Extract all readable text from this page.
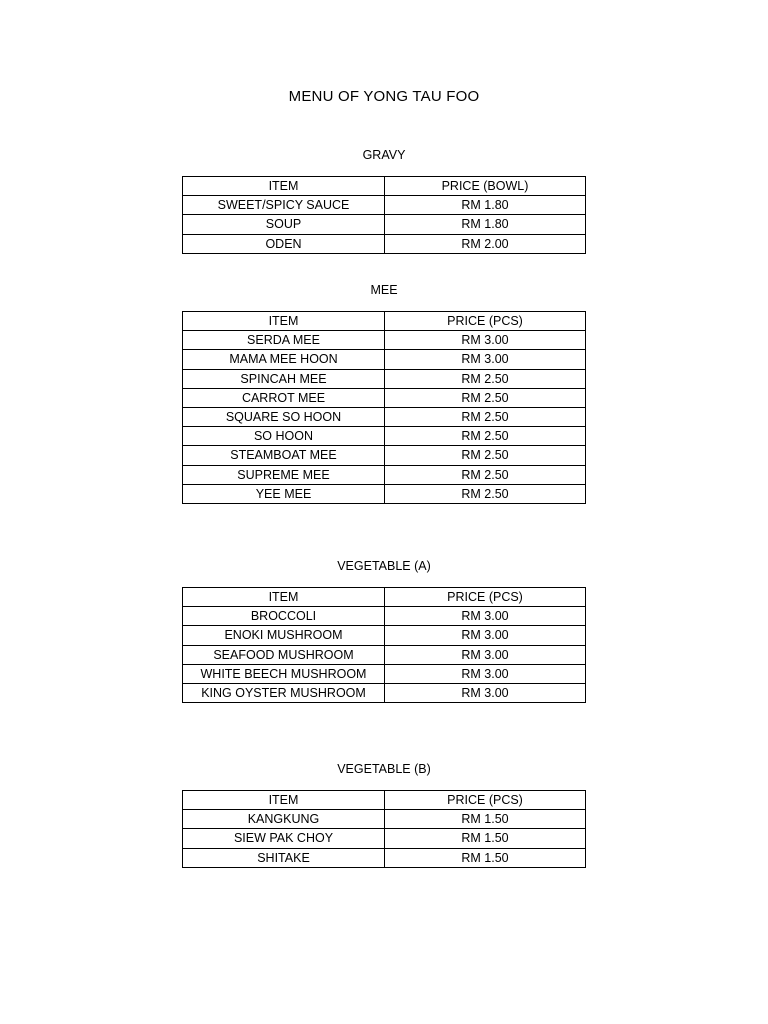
MENU OF YONG TAU FOO
GRAVY
ITEM	PRICE (BOWL)
SWEET/SPICY SAUCE	RM 1.80
SOUP	RM 1.80
ODEN	RM 2.00
MEE
ITEM	PRICE (PCS)
SERDA MEE	RM 3.00
MAMA MEE HOON	RM 3.00
SPINCAH MEE	RM 2.50
CARROT MEE	RM 2.50
SQUARE SO HOON	RM 2.50
SO HOON	RM 2.50
STEAMBOAT MEE	RM 2.50
SUPREME MEE	RM 2.50
YEE MEE	RM 2.50
VEGETABLE (A)
ITEM	PRICE (PCS)
BROCCOLI	RM 3.00
ENOKI MUSHROOM	RM 3.00
SEAFOOD MUSHROOM	RM 3.00
WHITE BEECH MUSHROOM	RM 3.00
KING OYSTER MUSHROOM	RM 3.00
VEGETABLE (B)
ITEM	PRICE (PCS)
KANGKUNG	RM 1.50
SIEW PAK CHOY	RM 1.50
SHITAKE	RM 1.50
